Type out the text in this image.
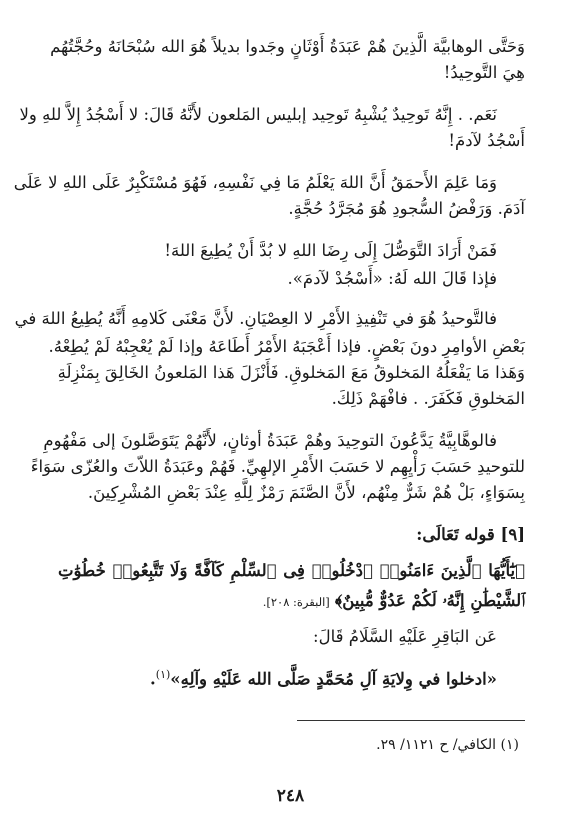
وَحَتَّى الوهابيَّة الَّذِينَ هُمْ عَبَدَةُ أَوْثَانٍ وجَدوا بديلاً هُوَ الله سُبْحَانَهُ وحُجَّتُهُم
هِيَ التَّوحِيدُ!
نَعَم. . إِنَّهُ تَوحِيدٌ يُشْبِهُ تَوحِيد إبليس المَلعون لأَنَّهُ قَالَ: لا أَسْجُدُ إِلاَّ للهِ ولا
أَسْجُدُ لآدمَ!
وَمَا عَلِمَ الأَحمَقُ أَنَّ اللهَ يَعْلَمُ مَا فِي نَفْسِهِ، فَهُوَ مُسْتَكْبِرٌ عَلَى اللهِ لا عَلَى
آدَمَ. وَرَفْضُ السُّجودِ هُوَ مُجَرَّدُ حُجَّةٍ.
فَمَنْ أَرَادَ التَّوَصُّلَ إِلَى رِضَا اللهِ لا بُدَّ أَنْ يُطِيعَ اللهَ!
فإذا قَالَ الله لَهُ: «أَسْجُدْ لآدمَ».
فالتَّوحيدُ هُوَ في تَنْفِيذِ الأَمْرِ لا العِصْيَانِ. لأَنَّ مَعْنَى كَلامِهِ أَنَّهُ يُطِيعُ اللهَ في
بَعْضِ الأوامِرِ دونَ بَعْضٍ. فإذا أَعْجَبَهُ الأَمْرُ أَطَاعَهُ وإذا لَمْ يُعْجِبْهُ لَمْ يُطِعْهُ.
وَهَذا مَا يَفْعَلُهُ المَخلوقُ مَعَ المَخلوقِ. فَأَنْزَلَ هَذا المَلعونُ الخَالِقَ بِمَنْزِلَةِ
المَخلوقِ فَكَفَرَ. . فافْهَمْ ذَلِكَ.
فالوهَّابِيَّةُ يَدَّعُونَ التوحِيدَ وهُمْ عَبَدَةُ أوثانٍ، لأَنَّهُمْ يَتَوَصَّلونَ إلى مَفْهُومِ
للتوحيدِ حَسَبَ رَأْيِهِم لا حَسَبَ الأَمْرِ الإلهِيِّ. فَهُمْ وعَبَدَةُ اللاّتَ والعُزّى سَوَاءً
بِسَوَاءٍ، بَلْ هُمْ شَرٌّ مِنْهُم، لأَنَّ الصَّنَمَ رَمْزٌ لِلَّهِ عِنْدَ بَعْضِ المُشْرِكِينَ.
[٩] قوله تَعَالَى:
﴿يَٰٓأَيُّهَا ٱلَّذِينَ ءَامَنُوا۟ ٱدْخُلُوا۟ فِى ٱلسِّلْمِ كَآفَّةً وَلَا تَتَّبِعُوا۟ خُطُوَٰتِ
ٱلشَّيْطَٰنِ إِنَّهُۥ لَكُمْ عَدُوٌّ مُّبِينٌ﴾ [البقرة: ٢٠٨].
عَن البَاقِرِ عَلَيْهِ السَّلَامُ قَالَ:
«ادخلوا في وِلايَةِ آلِ مُحَمَّدٍ صَلَّى الله عَلَيْهِ وآلِهِ»$^{(١)}$.
(١) الكافي/ ح ١١٢١/ ٢٩.
٢٤٨
